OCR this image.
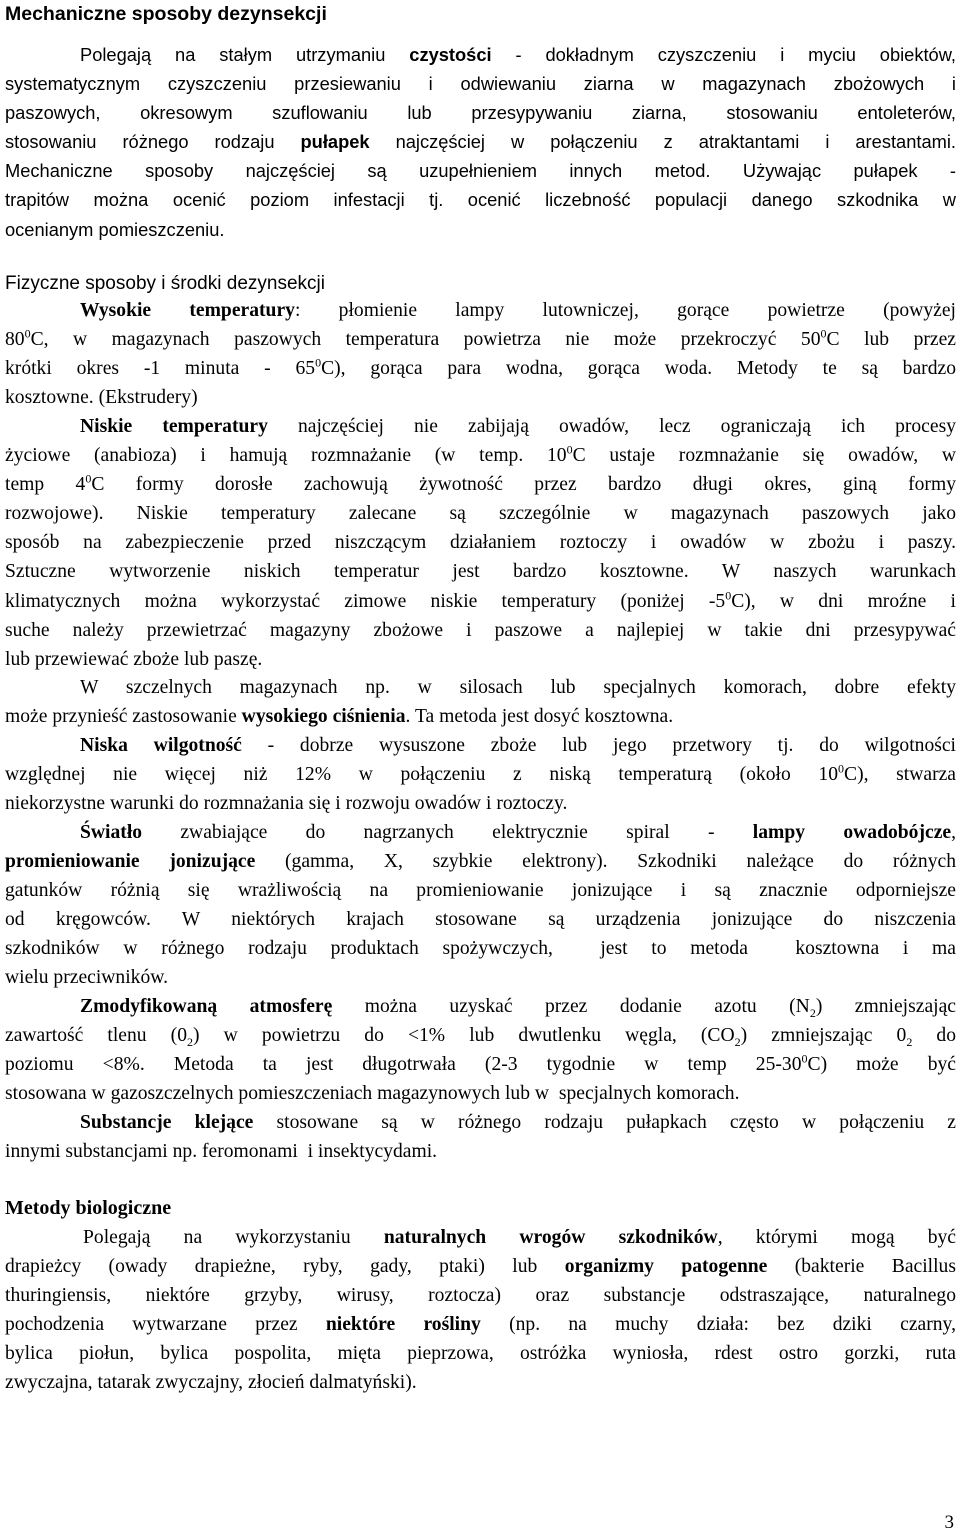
Mechaniczne sposoby dezynsekcji
Polegają na stałym utrzymaniu czystości - dokładnym czyszczeniu i myciu obiektów,
systematycznym czyszczeniu przesiewaniu i odwiewaniu ziarna w magazynach zbożowych i
paszowych, okresowym szuflowaniu lub przesypywaniu ziarna, stosowaniu entoleterów,
stosowaniu różnego rodzaju pułapek najczęściej w połączeniu z atraktantami i arestantami.
Mechaniczne sposoby najczęściej są uzupełnieniem innych metod. Używając pułapek -
trapitów można ocenić poziom infestacji tj. ocenić liczebność populacji danego szkodnika w
ocenianym pomieszczeniu.
Fizyczne sposoby i środki dezynsekcji
Wysokie temperatury: płomienie lampy lutowniczej, gorące powietrze (powyżej
$80^0C$, w magazynach paszowych temperatura powietrza nie może przekroczyć $50^0C$ lub przez
krótki okres -1 minuta - $65^0C$), gorąca para wodna, gorąca woda. Metody te są bardzo
kosztowne. (Ekstrudery)
Niskie temperatury najczęściej nie zabijają owadów, lecz ograniczają ich procesy
życiowe (anabioza) i hamują rozmnażanie (w temp. $10^0C$ ustaje rozmnażanie się owadów, w
temp $4^0C$ formy dorosłe zachowują żywotność przez bardzo długi okres, giną formy
rozwojowe). Niskie temperatury zalecane są szczególnie w magazynach paszowych jako
sposób na zabezpieczenie przed niszczącym działaniem roztoczy i owadów w zbożu i paszy.
Sztuczne wytworzenie niskich temperatur jest bardzo kosztowne. W naszych warunkach
klimatycznych można wykorzystać zimowe niskie temperatury (poniżej $-5^0C$), w dni mroźne i
suche należy przewietrzać magazyny zbożowe i paszowe a najlepiej w takie dni przesypywać
lub przewiewać zboże lub paszę.
W szczelnych magazynach np. w silosach lub specjalnych komorach, dobre efekty
może przynieść zastosowanie wysokiego ciśnienia. Ta metoda jest dosyć kosztowna.
Niska wilgotność - dobrze wysuszone zboże lub jego przetwory tj. do wilgotności
względnej nie więcej niż 12% w połączeniu z niską temperaturą (około $10^0C$), stwarza
niekorzystne warunki do rozmnażania się i rozwoju owadów i roztoczy.
Światło zwabiające do nagrzanych elektrycznie spiral - lampy owadobójcze,
promieniowanie jonizujące (gamma, X, szybkie elektrony). Szkodniki należące do różnych
gatunków różnią się wrażliwością na promieniowanie jonizujące i są znacznie odporniejsze
od kręgowców. W niektórych krajach stosowane są urządzenia jonizujące do niszczenia
szkodników w różnego rodzaju produktach spożywczych,  jest to metoda  kosztowna i ma
wielu przeciwników.
Zmodyfikowaną atmosferę można uzyskać przez dodanie azotu $(N_2)$ zmniejszając
zawartość tlenu $(0_2)$ w powietrzu do <1% lub dwutlenku węgla, $(CO_2)$ zmniejszając $0_2$ do
poziomu <8%. Metoda ta jest długotrwała (2-3 tygodnie w temp $25-30^0C$) może być
stosowana w gazoszczelnych pomieszczeniach magazynowych lub w  specjalnych komorach.
Substancje klejące stosowane są w różnego rodzaju pułapkach często w połączeniu z
innymi substancjami np. feromonami  i insektycydami.
Metody biologiczne
Polegają na wykorzystaniu naturalnych wrogów szkodników, którymi mogą być
drapieżcy (owady drapieżne, ryby, gady, ptaki) lub organizmy patogenne (bakterie Bacillus
thuringiensis, niektóre grzyby, wirusy, roztocza) oraz substancje odstraszające, naturalnego
pochodzenia wytwarzane przez niektóre rośliny (np. na muchy działa: bez dziki czarny,
bylica piołun, bylica pospolita, mięta pieprzowa, ostróżka wyniosła, rdest ostro gorzki, ruta
zwyczajna, tatarak zwyczajny, złocień dalmatyński).
3
